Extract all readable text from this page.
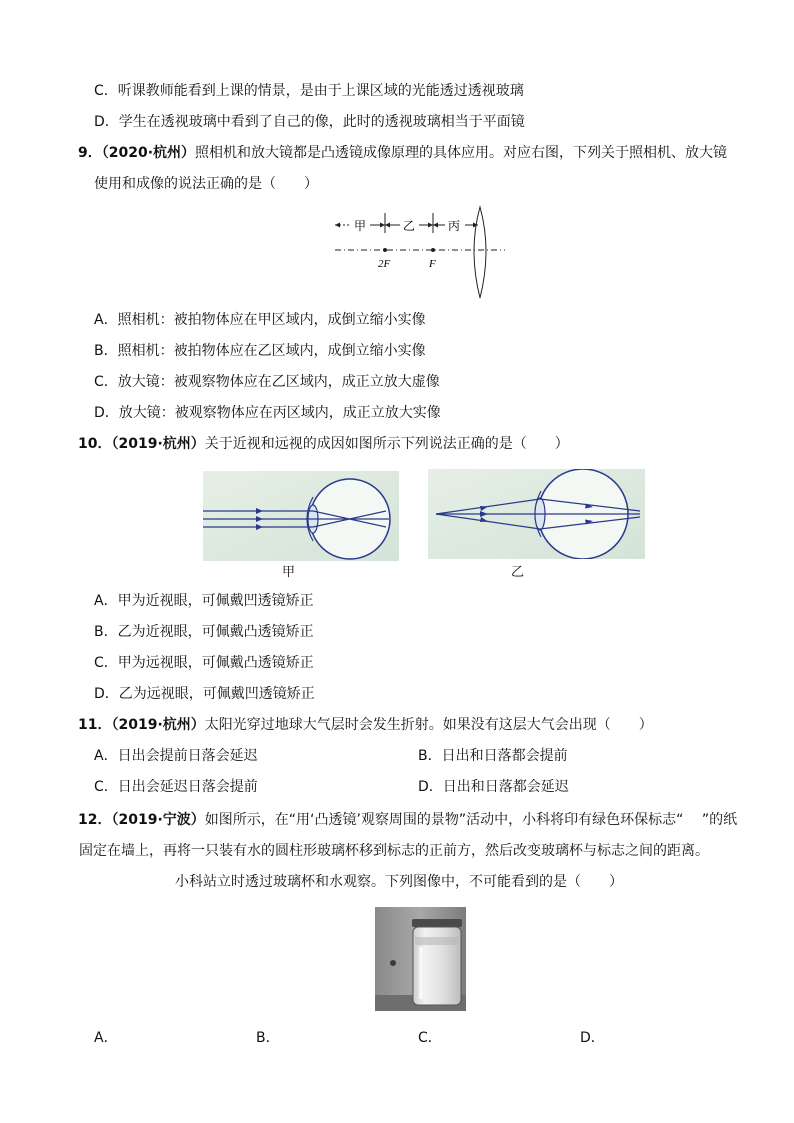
C．听课教师能看到上课的情景，是由于上课区域的光能透过透视玻璃
D．学生在透视玻璃中看到了自己的像，此时的透视玻璃相当于平面镜
9．（2020·杭州）照相机和放大镜都是凸透镜成像原理的具体应用。对应右图，下列关于照相机、放大镜
使用和成像的说法正确的是（　　）
甲	乙	丙
2F	F
A．照相机：被拍物体应在甲区域内，成倒立缩小实像
B．照相机：被拍物体应在乙区域内，成倒立缩小实像
C．放大镜：被观察物体应在乙区域内，成正立放大虚像
D．放大镜：被观察物体应在丙区域内，成正立放大实像
10．（2019·杭州）关于近视和远视的成因如图所示下列说法正确的是（　　）
甲	乙
A．甲为近视眼，可佩戴凹透镜矫正
B．乙为近视眼，可佩戴凸透镜矫正
C．甲为远视眼，可佩戴凸透镜矫正
D．乙为远视眼，可佩戴凹透镜矫正
11．（2019·杭州）太阳光穿过地球大气层时会发生折射。如果没有这层大气会出现（　　）
A．日出会提前日落会延迟	B．日出和日落都会提前
C．日出会延迟日落会提前	D．日出和日落都会延迟
12．（2019·宁波）如图所示，在“用‘凸透镜’观察周围的景物”活动中，小科将印有绿色环保标志“　 ”的纸
固定在墙上，再将一只装有水的圆柱形玻璃杯移到标志的正前方，然后改变玻璃杯与标志之间的距离。
小科站立时透过玻璃杯和水观察。下列图像中，不可能看到的是（　　）
A．	B．	C．	D．
